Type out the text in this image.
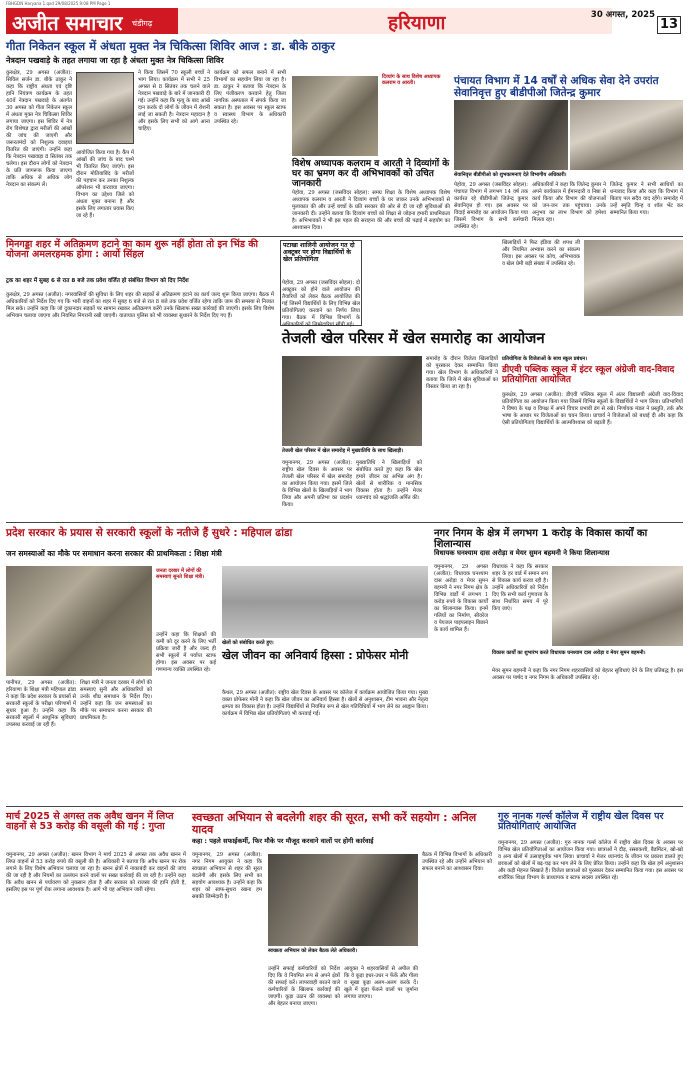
FBHGDN Haryana 1.qxd 29/08/2025 9:08 PM Page 1
अजीत समाचार चंडीगढ़	हरियाणा	30 अगस्त, 2025
13
गीता निकेतन स्कूल में अंधता मुक्त नेत्र चिकित्सा शिविर आज : डा. बीके ठाकुर
नेत्रदान पखवाड़े के तहत लगाया जा रहा है अंधता मुक्त नेत्र चिकित्सा शिविर
कुरुक्षेत्र, 29 अगस्त (अजीत): सिविल सर्जन डा. बीके ठाकुर ने कहा कि राष्ट्रीय अंधता एवं दृष्टि हानि नियंत्रण कार्यक्रम के तहत 40वें नेत्रदान पखवाड़े के अंतर्गत 30 अगस्त को गीता निकेतन स्कूल में अंधता मुक्त नेत्र चिकित्सा शिविर लगाया जाएगा। इस शिविर में नेत्र रोग विशेषज्ञ द्वारा मरीजों की आंखों की जांच की जाएगी और जरूरतमंदों को निशुल्क दवाइयां वितरित की जाएंगी। उन्होंने कहा कि नेत्रदान पखवाड़ा 8 सितंबर तक चलेगा। इस दौरान लोगों को नेत्रदान के प्रति जागरूक किया जाएगा ताकि अधिक से अधिक लोग नेत्रदान का संकल्प लें।
आयोजित किया गया है। कैंप में आंखों की जांच के बाद चश्मे भी वितरित किए जाएंगे। इस दौरान मोतियाबिंद के मरीजों की पहचान कर उनका निशुल्क ऑपरेशन भी करवाया जाएगा। विभाग का उद्देश्य जिले को अंधता मुक्त बनाना है और इसके लिए लगातार प्रयास किए जा रहे हैं।
ने किया जिसमें 70 स्कूली बच्चों ने भाग लिया। कार्यक्रम में सभी ने 25 अगस्त से 8 सितंबर तक चलने वाले नेत्रदान पखवाड़े के बारे में जानकारी दी गई। उन्होंने कहा कि मृत्यु के बाद आंखें दान करके दो लोगों के जीवन में रोशनी लाई जा सकती है। नेत्रदान महादान है और इसके लिए सभी को आगे आना चाहिए।
कार्यक्रम को सफल बनाने में सभी विभागों का सहयोग लिया जा रहा है। डा. ठाकुर ने बताया कि नेत्रदान के लिए पंजीकरण करवाने हेतु जिला नागरिक अस्पताल में संपर्क किया जा सकता है। इस अवसर पर स्कूल स्टाफ व स्वास्थ्य विभाग के अधिकारी उपस्थित रहे।
दिव्यांग के साथ विशेष अध्यापक कलराम व आरती।
विशेष अध्यापक कलराम व आरती ने दिव्यांगों के घर का भ्रमण कर दी अभिभावकों को उचित जानकारी
पेहोवा, 29 अगस्त (जसविंदर सोहल): समग्र शिक्षा के विशेष अध्यापक विशेष अध्यापक कलराम व आरती ने दिव्यांग बच्चों के घर जाकर उनके अभिभावकों से मुलाकात की और उन्हें बच्चों के प्रति सरकार की ओर से दी जा रही सुविधाओं की जानकारी दी। उन्होंने बताया कि दिव्यांग बच्चों को शिक्षा से जोड़ना हमारी प्राथमिकता है। अभिभावकों ने भी इस पहल की सराहना की और बच्चों की पढ़ाई में सहयोग का आश्वासन दिया।
पंचायत विभाग में 14 वर्षों से अधिक सेवा देने उपरांत सेवानिवृत्त हुए बीडीपीओ जितेन्द्र कुमार
सेवानिवृत्त बीडीपीओ को शुभकामनाएं देते विभागीय अधिकारी।
पेहोवा, 29 अगस्त (जसविंदर सोहल): पंचायत विभाग में लगभग 14 वर्ष तक कार्यरत रहे बीडीपीओ जितेन्द्र कुमार सेवानिवृत्त हो गए। इस अवसर पर विदाई समारोह का आयोजन किया गया जिसमें विभाग के सभी कर्मचारी उपस्थित रहे।
अधिकारियों ने कहा कि जितेन्द्र कुमार ने अपने कार्यकाल में ईमानदारी व निष्ठा से कार्य किया और विभाग की योजनाओं को जन-जन तक पहुंचाया। उनके अनुभव का लाभ विभाग को हमेशा मिलता रहा।
जितेन्द्र कुमार ने सभी साथियों का धन्यवाद किया और कहा कि विभाग में बिताए पल सदैव याद रहेंगे। समारोह में उन्हें स्मृति चिन्ह व शॉल भेंट कर सम्मानित किया गया।
मिनगड्डा शहर में अतिक्रमण हटाने का काम शुरू नहीं होता तो इन भिंड की योजना अमलरहमक होगा : आर्यो सिंहल
ट्रक का शहर में सुबह 6 से रात 8 बजे तक प्रवेश वर्जित हो संबंधित विभाग को दिए निर्देश
कुरुक्षेत्र, 29 अगस्त (अजीत): नगरवासियों की सुविधा के लिए शहर की सड़कों से अतिक्रमण हटाने का कार्य जल्द शुरू किया जाएगा। बैठक में अधिकारियों को निर्देश दिए गए कि भारी वाहनों का शहर में सुबह 6 बजे से रात 8 बजे तक प्रवेश वर्जित रहेगा ताकि जाम की समस्या से निजात मिल सके। उन्होंने कहा कि जो दुकानदार सड़कों पर सामान रखकर अतिक्रमण करेंगे उनके खिलाफ सख्त कार्रवाई की जाएगी। इसके लिए विशेष अभियान चलाया जाएगा और नियमित निगरानी रखी जाएगी। यातायात पुलिस को भी व्यवस्था सुधारने के निर्देश दिए गए हैं।
पटाखा शालिनी आयोजन गत दो अक्टूबर पर होगा विद्यार्थियों के खेल प्रतियोगिता
पेहोवा, 29 अगस्त (जसविंदर सोहल): दो अक्टूबर को होने वाले आयोजन की तैयारियों को लेकर बैठक आयोजित की गई जिसमें विद्यार्थियों के लिए विभिन्न खेल प्रतियोगिताएं करवाने का निर्णय लिया गया। बैठक में विभिन्न विभागों के अधिकारियों को जिम्मेदारियां सौंपी गई।
तेजली खेल परिसर में खेल समारोह का आयोजन
तेजली खेल परिसर में खेल समारोह में मुख्यातिथि के साथ खिलाड़ी।
यमुनानगर, 29 अगस्त (अजीत): राष्ट्रीय खेल दिवस के अवसर पर तेजली खेल परिसर में खेल समारोह का आयोजन किया गया। इसमें जिले के विभिन्न खेलों के खिलाड़ियों ने भाग लिया और अपनी प्रतिभा का प्रदर्शन किया।
मुख्यातिथि ने खिलाड़ियों को संबोधित करते हुए कहा कि खेल हमारे जीवन का अभिन्न अंग है। खेलों से शारीरिक व मानसिक विकास होता है। उन्होंने मेजर ध्यानचंद को श्रद्धांजलि अर्पित की।
समारोह के दौरान विजेता खिलाड़ियों को पुरस्कार देकर सम्मानित किया गया। खेल विभाग के अधिकारियों ने बताया कि जिले में खेल सुविधाओं का विस्तार किया जा रहा है।
खिलाड़ियों ने फिट इंडिया की शपथ ली और नियमित अभ्यास करने का संकल्प लिया। इस अवसर पर कोच, अभिभावक व खेल प्रेमी बड़ी संख्या में उपस्थित रहे।
प्रतियोगिता के विजेताओं के साथ स्कूल प्रबंधन।
डीएवी पब्लिक स्कूल में इंटर स्कूल अंग्रेजी वाद-विवाद प्रतियोगिता आयोजित
कुरुक्षेत्र, 29 अगस्त (अजीत): डीएवी पब्लिक स्कूल में अंतर विद्यालयी अंग्रेजी वाद-विवाद प्रतियोगिता का आयोजन किया गया जिसमें विभिन्न स्कूलों के विद्यार्थियों ने भाग लिया। प्रतिभागियों ने विषय के पक्ष व विपक्ष में अपने विचार प्रभावी ढंग से रखे। निर्णायक मंडल ने प्रस्तुति, तर्क और भाषा के आधार पर विजेताओं का चयन किया। प्राचार्य ने विजेताओं को बधाई दी और कहा कि ऐसी प्रतियोगिताएं विद्यार्थियों के आत्मविश्वास को बढ़ाती हैं।
प्रदेश सरकार के प्रयास से सरकारी स्कूलों के नतीजे हैं सुधरे : महिपाल ढांडा
जन समस्याओं का मौके पर समाधान करना सरकार की प्राथमिकता : शिक्षा मंत्री
जनता दरबार में लोगों की समस्याएं सुनते शिक्षा मंत्री।
पानीपत, 29 अगस्त (अजीत): हरियाणा के शिक्षा मंत्री महिपाल ढांडा ने कहा कि प्रदेश सरकार के प्रयासों से सरकारी स्कूलों के परीक्षा परिणामों में सुधार हुआ है। उन्होंने कहा कि सरकारी स्कूलों में आधुनिक सुविधाएं उपलब्ध करवाई जा रही हैं।
शिक्षा मंत्री ने जनता दरबार में लोगों की समस्याएं सुनी और अधिकारियों को उनके शीघ्र समाधान के निर्देश दिए। उन्होंने कहा कि जन समस्याओं का मौके पर समाधान करना सरकार की प्राथमिकता है।
उन्होंने कहा कि शिक्षकों की कमी को दूर करने के लिए भर्ती प्रक्रिया जारी है और जल्द ही सभी स्कूलों में पर्याप्त स्टाफ होगा। इस अवसर पर कई गणमान्य व्यक्ति उपस्थित रहे।
खेलों को संबोधित करते हुए।
खेल जीवन का अनिवार्य हिस्सा : प्रोफेसर मोनी
कैथल, 29 अगस्त (अजीत): राष्ट्रीय खेल दिवस के अवसर पर कॉलेज में कार्यक्रम आयोजित किया गया। मुख्य वक्ता प्रोफेसर मोनी ने कहा कि खेल जीवन का अनिवार्य हिस्सा है। खेलों से अनुशासन, टीम भावना और नेतृत्व क्षमता का विकास होता है। उन्होंने विद्यार्थियों से नियमित रूप से खेल गतिविधियों में भाग लेने का आह्वान किया। कार्यक्रम में विभिन्न खेल प्रतियोगिताएं भी करवाई गईं।
नगर निगम के क्षेत्र में लगभग 1 करोड़ के विकास कार्यों का शिलान्यास
विधायक घनश्याम दास अरोड़ा व मेयर सुमन बहमनी ने किया शिलान्यास
यमुनानगर, 29 अगस्त (अजीत): विधायक घनश्याम दास अरोड़ा व मेयर सुमन बहमनी ने नगर निगम क्षेत्र के विभिन्न वार्डों में लगभग 1 करोड़ रुपये के विकास कार्यों का शिलान्यास किया। इनमें गलियों का निर्माण, सीवरेज व पेयजल पाइपलाइन बिछाने के कार्य शामिल हैं।
विधायक ने कहा कि सरकार शहर के हर वार्ड में समान रूप से विकास कार्य करवा रही है। उन्होंने अधिकारियों को निर्देश दिए कि सभी कार्य गुणवत्ता के साथ निर्धारित समय में पूरे किए जाएं।
विकास कार्यों का शुभारंभ करते विधायक घनश्याम दास अरोड़ा व मेयर सुमन बहमनी।
मेयर सुमन बहमनी ने कहा कि नगर निगम शहरवासियों को बेहतर सुविधाएं देने के लिए प्रतिबद्ध है। इस अवसर पर पार्षद व नगर निगम के अधिकारी उपस्थित रहे।
मार्च 2025 से अगस्त तक अवैध खनन में लिप्त वाहनों से 53 करोड़ की वसूली की गई : गुप्ता
यमुनानगर, 29 अगस्त (अजीत): खनन विभाग ने मार्च 2025 से अगस्त तक अवैध खनन में लिप्त वाहनों से 53 करोड़ रुपये की वसूली की है। अधिकारी ने बताया कि अवैध खनन पर रोक लगाने के लिए विशेष अभियान चलाया जा रहा है। खनन क्षेत्रों में नाकाबंदी कर वाहनों की जांच की जा रही है और नियमों का उल्लंघन करने वालों पर सख्त कार्रवाई की जा रही है। उन्होंने कहा कि अवैध खनन से पर्यावरण को नुकसान होता है और सरकार को राजस्व की हानि होती है, इसलिए इस पर पूर्ण रोक लगाना आवश्यक है। आगे भी यह अभियान जारी रहेगा।
स्वच्छता अभियान से बदलेगी शहर की सूरत, सभी करें सहयोग : अनिल यादव
कहा : पहले सफाईकर्मी, फिर मौके पर मौजूद करवाने वालों पर होगी कार्रवाई
यमुनानगर, 29 अगस्त (अजीत): नगर निगम आयुक्त ने कहा कि स्वच्छता अभियान से शहर की सूरत बदलेगी और इसके लिए सभी का सहयोग आवश्यक है। उन्होंने कहा कि शहर को साफ-सुथरा रखना हम सबकी जिम्मेदारी है।
स्वच्छता अभियान को लेकर बैठक लेते अधिकारी।
उन्होंने सफाई कर्मचारियों को निर्देश दिए कि वे नियमित रूप से अपने क्षेत्रों की सफाई करें। लापरवाही बरतने वाले कर्मचारियों के खिलाफ कार्रवाई की जाएगी। कूड़ा उठान की व्यवस्था को और बेहतर बनाया जाएगा।
आयुक्त ने शहरवासियों से अपील की कि वे कूड़ा इधर-उधर न फेंकें और गीला व सूखा कूड़ा अलग-अलग करके दें। खुले में कूड़ा फेंकने वालों पर जुर्माना लगाया जाएगा।
बैठक में विभिन्न विभागों के अधिकारी उपस्थित रहे और उन्होंने अभियान को सफल बनाने का आश्वासन दिया।
गुरु नानक गर्ल्स कॉलेज में राष्ट्रीय खेल दिवस पर प्रतियोगिताएं आयोजित
यमुनानगर, 29 अगस्त (अजीत): गुरु नानक गर्ल्स कॉलेज में राष्ट्रीय खेल दिवस के अवसर पर विभिन्न खेल प्रतियोगिताओं का आयोजन किया गया। छात्राओं ने दौड़, रस्साकशी, बैडमिंटन, खो-खो व अन्य खेलों में उत्साहपूर्वक भाग लिया। प्राचार्या ने मेजर ध्यानचंद के जीवन पर प्रकाश डालते हुए छात्राओं को खेलों में बढ़-चढ़ कर भाग लेने के लिए प्रेरित किया। उन्होंने कहा कि खेल हमें अनुशासन और कड़ी मेहनत सिखाते हैं। विजेता छात्राओं को पुरस्कार देकर सम्मानित किया गया। इस अवसर पर शारीरिक शिक्षा विभाग के प्राध्यापक व स्टाफ सदस्य उपस्थित रहे।
